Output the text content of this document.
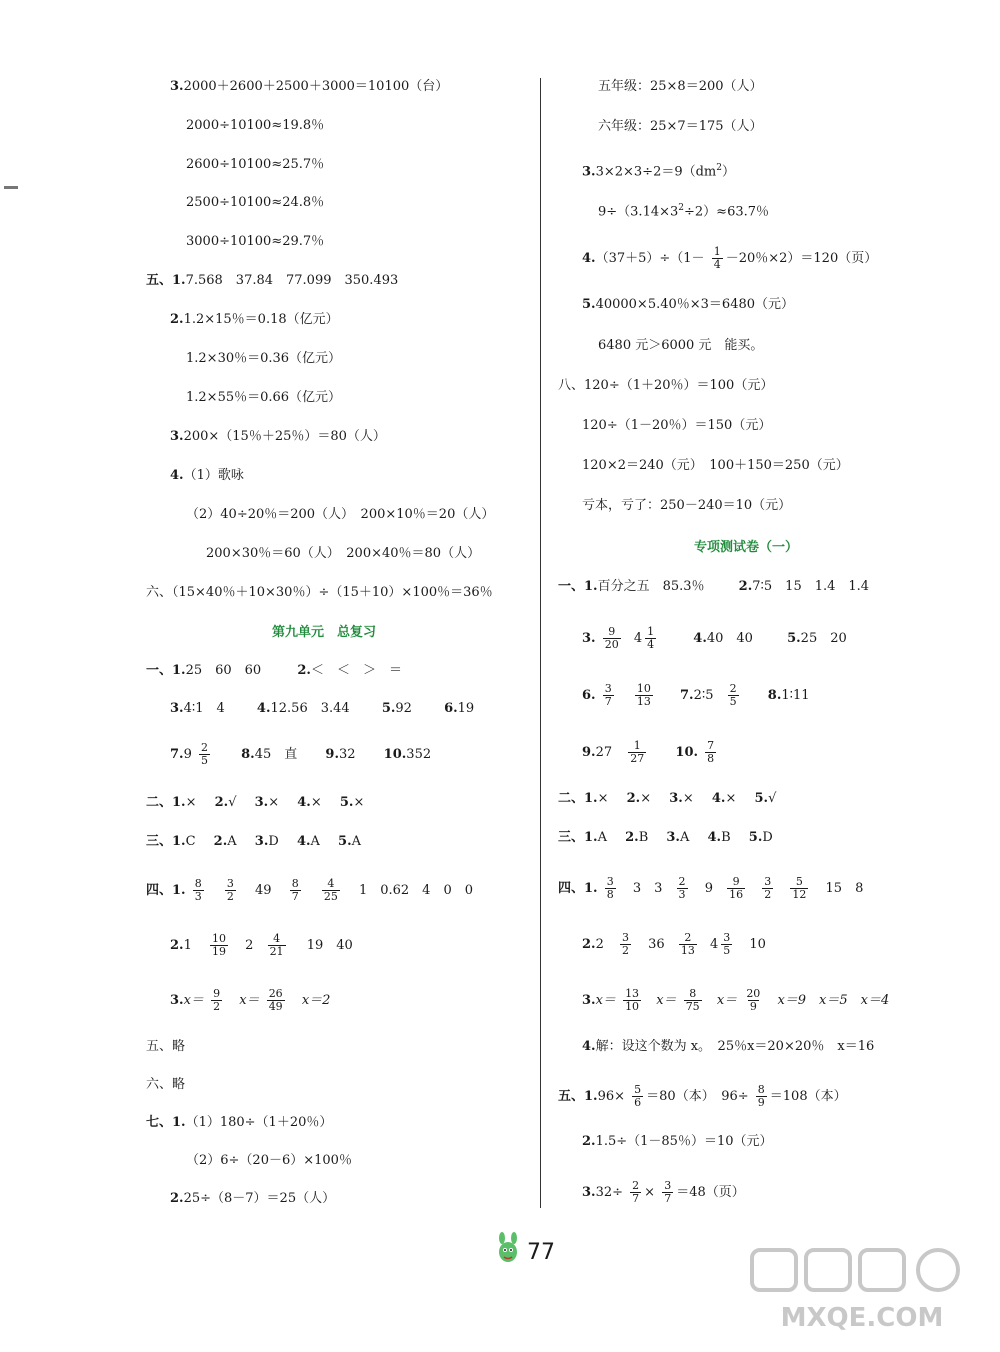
3.2000＋2600＋2500＋3000＝10100（台）
2000÷10100≈19.8％
2600÷10100≈25.7％
2500÷10100≈24.8％
3000÷10100≈29.7％
五、1.7.568　37.84　77.099　350.493
2.1.2×15％＝0.18（亿元）
1.2×30％＝0.36（亿元）
1.2×55％＝0.66（亿元）
3.200×（15％＋25％）＝80（人）
4.（1）歌咏
（2）40÷20％＝200（人）　200×10％＝20（人）
200×30％＝60（人）　200×40％＝80（人）
六、（15×40％＋10×30％）÷（15＋10）×100％＝36％
第九单元　总复习
一、1.25　60　60	2.＜　＜　＞　＝
3.4∶1　4 4.12.56　3.44 5.92 6.19
$7.9 \frac{2}{5} 8.45$　直 9.32 10.352
二、1.× 2.√ 3.× 4.× 5.×
三、1.C 2.A 3.D 4.A 5.A
四、1. $\frac{8}{3}$
$\frac{3}{2} 49 \frac{8}{7}$
$\frac{4}{25} 1$　0.62　4　0　0
$2.1 \frac{10}{19} 2 \frac{4}{21} 19$　40
$3.x= \frac{9}{2} x= \frac{26}{49} x=2$
五、略
六、略
七、1.（1）180÷（1＋20％）
（2）6÷（20－6）×100％
2.25÷（8－7）＝25（人）
五年级：25×8＝200（人）
六年级：25×7＝175（人）
$3.3\times 2\times 3\div 2=9(dm^2)$
$9\div(3.14\times 3^2\div 2)\approx 63.7$％
$4.(37+5)\div(1- \frac{1}{4} -20$％×2）＝120（页）
5.40000×5.40％×3＝6480（元）
6480 元＞6000 元　能买。
八、120÷（1＋20％）＝100（元）
120÷（1－20％）＝150（元）
120×2＝240（元）　100＋150＝250（元）
亏本，亏了：250－240＝10（元）
专项测试卷（一）
一、1.百分之五　85.3％	2.7∶5　15　1.4　1.4
3. $\frac{9}{20} 4 \frac{1}{4}$	4.40　40	5.25　20
6. $\frac{3}{7}$
$\frac{10}{13}$ 7.2∶5 $\frac{2}{5}$ 8.1∶11
$9.27 \frac{1}{27} 10$. $\frac{7}{8}$
二、1.× 2.× 3.× 4.× 5.√
三、1.A 2.B 3.A 4.B 5.D
四、1. $\frac{3}{8} 3$　$3 \frac{2}{3} 9 \frac{9}{16}$
$\frac{3}{2}$
$\frac{5}{12} 15$　8
$2.2 \frac{3}{2} 36 \frac{2}{13} 4 \frac{3}{5} 10$
$3.x= \frac{13}{10} x= \frac{8}{75} x= \frac{20}{9} x=9$　x＝5　x＝4
4.解：设这个数为 x。　25％x＝20×20％　x＝16
五、$1.96\times \frac{5}{6} =80$（本）　$96\div \frac{8}{9} =108$（本）
2.1.5÷（1－85％）＝10（元）
$3.32\div \frac{2}{7} \times \frac{3}{7} =48$（页）
77
MXQE.COM
